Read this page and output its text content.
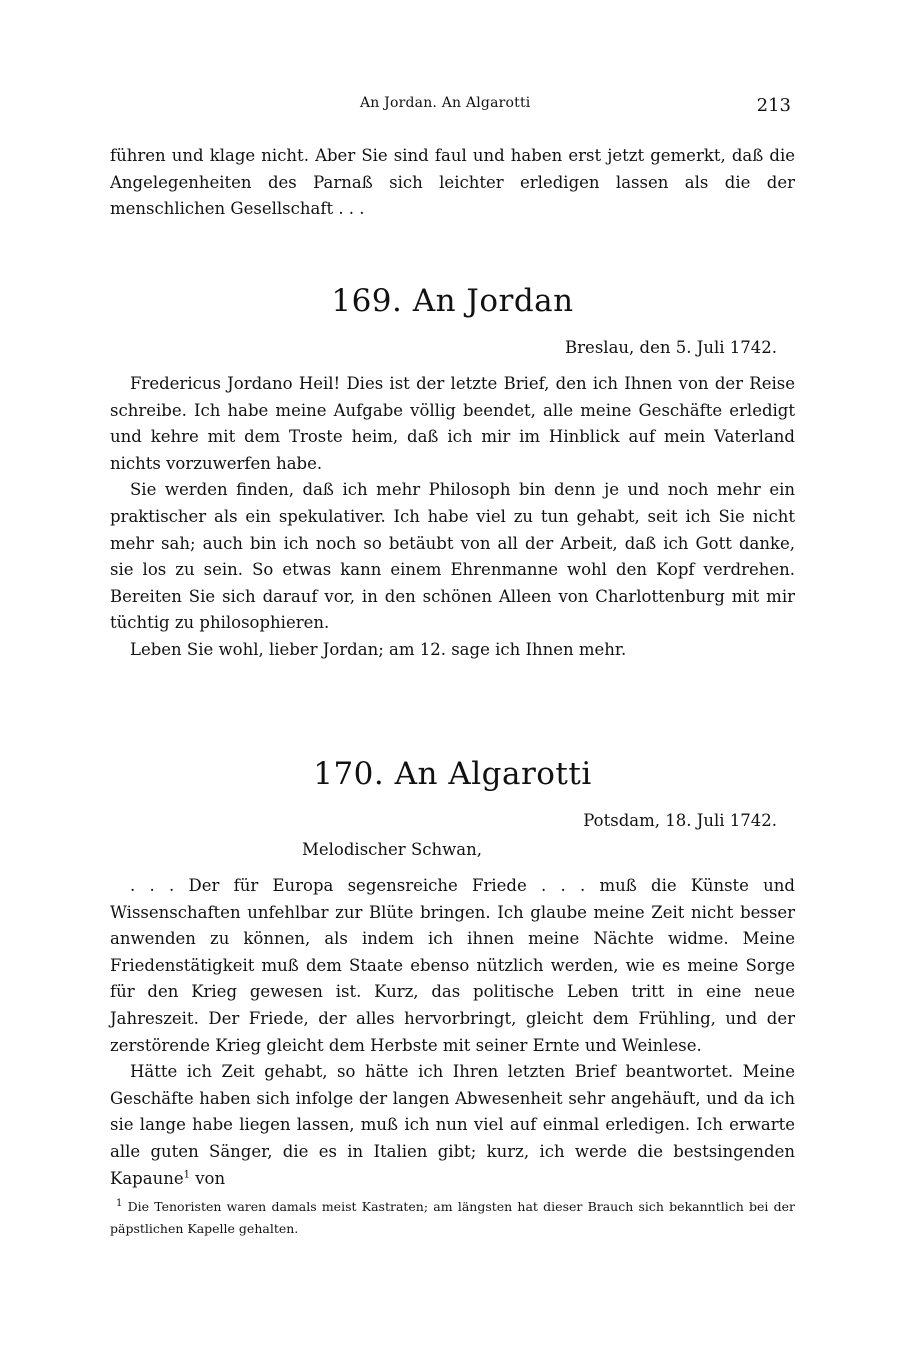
An Jordan. An Algarotti	213

führen und klage nicht. Aber Sie sind faul und haben erst jetzt gemerkt, daß die Angelegenheiten des Parnaß sich leichter erledigen lassen als die der menschlichen Gesellschaft . . .

169. An Jordan
Breslau, den 5. Juli 1742.

Fredericus Jordano Heil! Dies ist der letzte Brief, den ich Ihnen von der Reise schreibe. Ich habe meine Aufgabe völlig beendet, alle meine Geschäfte erledigt und kehre mit dem Troste heim, daß ich mir im Hinblick auf mein Vaterland nichts vorzuwerfen habe.

Sie werden finden, daß ich mehr Philosoph bin denn je und noch mehr ein praktischer als ein spekulativer. Ich habe viel zu tun gehabt, seit ich Sie nicht mehr sah; auch bin ich noch so betäubt von all der Arbeit, daß ich Gott danke, sie los zu sein. So etwas kann einem Ehrenmanne wohl den Kopf verdrehen. Bereiten Sie sich darauf vor, in den schönen Alleen von Charlottenburg mit mir tüchtig zu philosophieren.

Leben Sie wohl, lieber Jordan; am 12. sage ich Ihnen mehr.

170. An Algarotti
Potsdam, 18. Juli 1742.
Melodischer Schwan,

. . . Der für Europa segensreiche Friede . . . muß die Künste und Wissenschaften unfehlbar zur Blüte bringen. Ich glaube meine Zeit nicht besser anwenden zu können, als indem ich ihnen meine Nächte widme. Meine Friedenstätigkeit muß dem Staate ebenso nützlich werden, wie es meine Sorge für den Krieg gewesen ist. Kurz, das politische Leben tritt in eine neue Jahreszeit. Der Friede, der alles hervorbringt, gleicht dem Frühling, und der zerstörende Krieg gleicht dem Herbste mit seiner Ernte und Weinlese.

Hätte ich Zeit gehabt, so hätte ich Ihren letzten Brief beantwortet. Meine Geschäfte haben sich infolge der langen Abwesenheit sehr angehäuft, und da ich sie lange habe liegen lassen, muß ich nun viel auf einmal erledigen. Ich erwarte alle guten Sänger, die es in Italien gibt; kurz, ich werde die bestsingenden Kapaune$^1$ von

$^1$ Die Tenoristen waren damals meist Kastraten; am längsten hat dieser Brauch sich bekanntlich bei der päpstlichen Kapelle gehalten.
